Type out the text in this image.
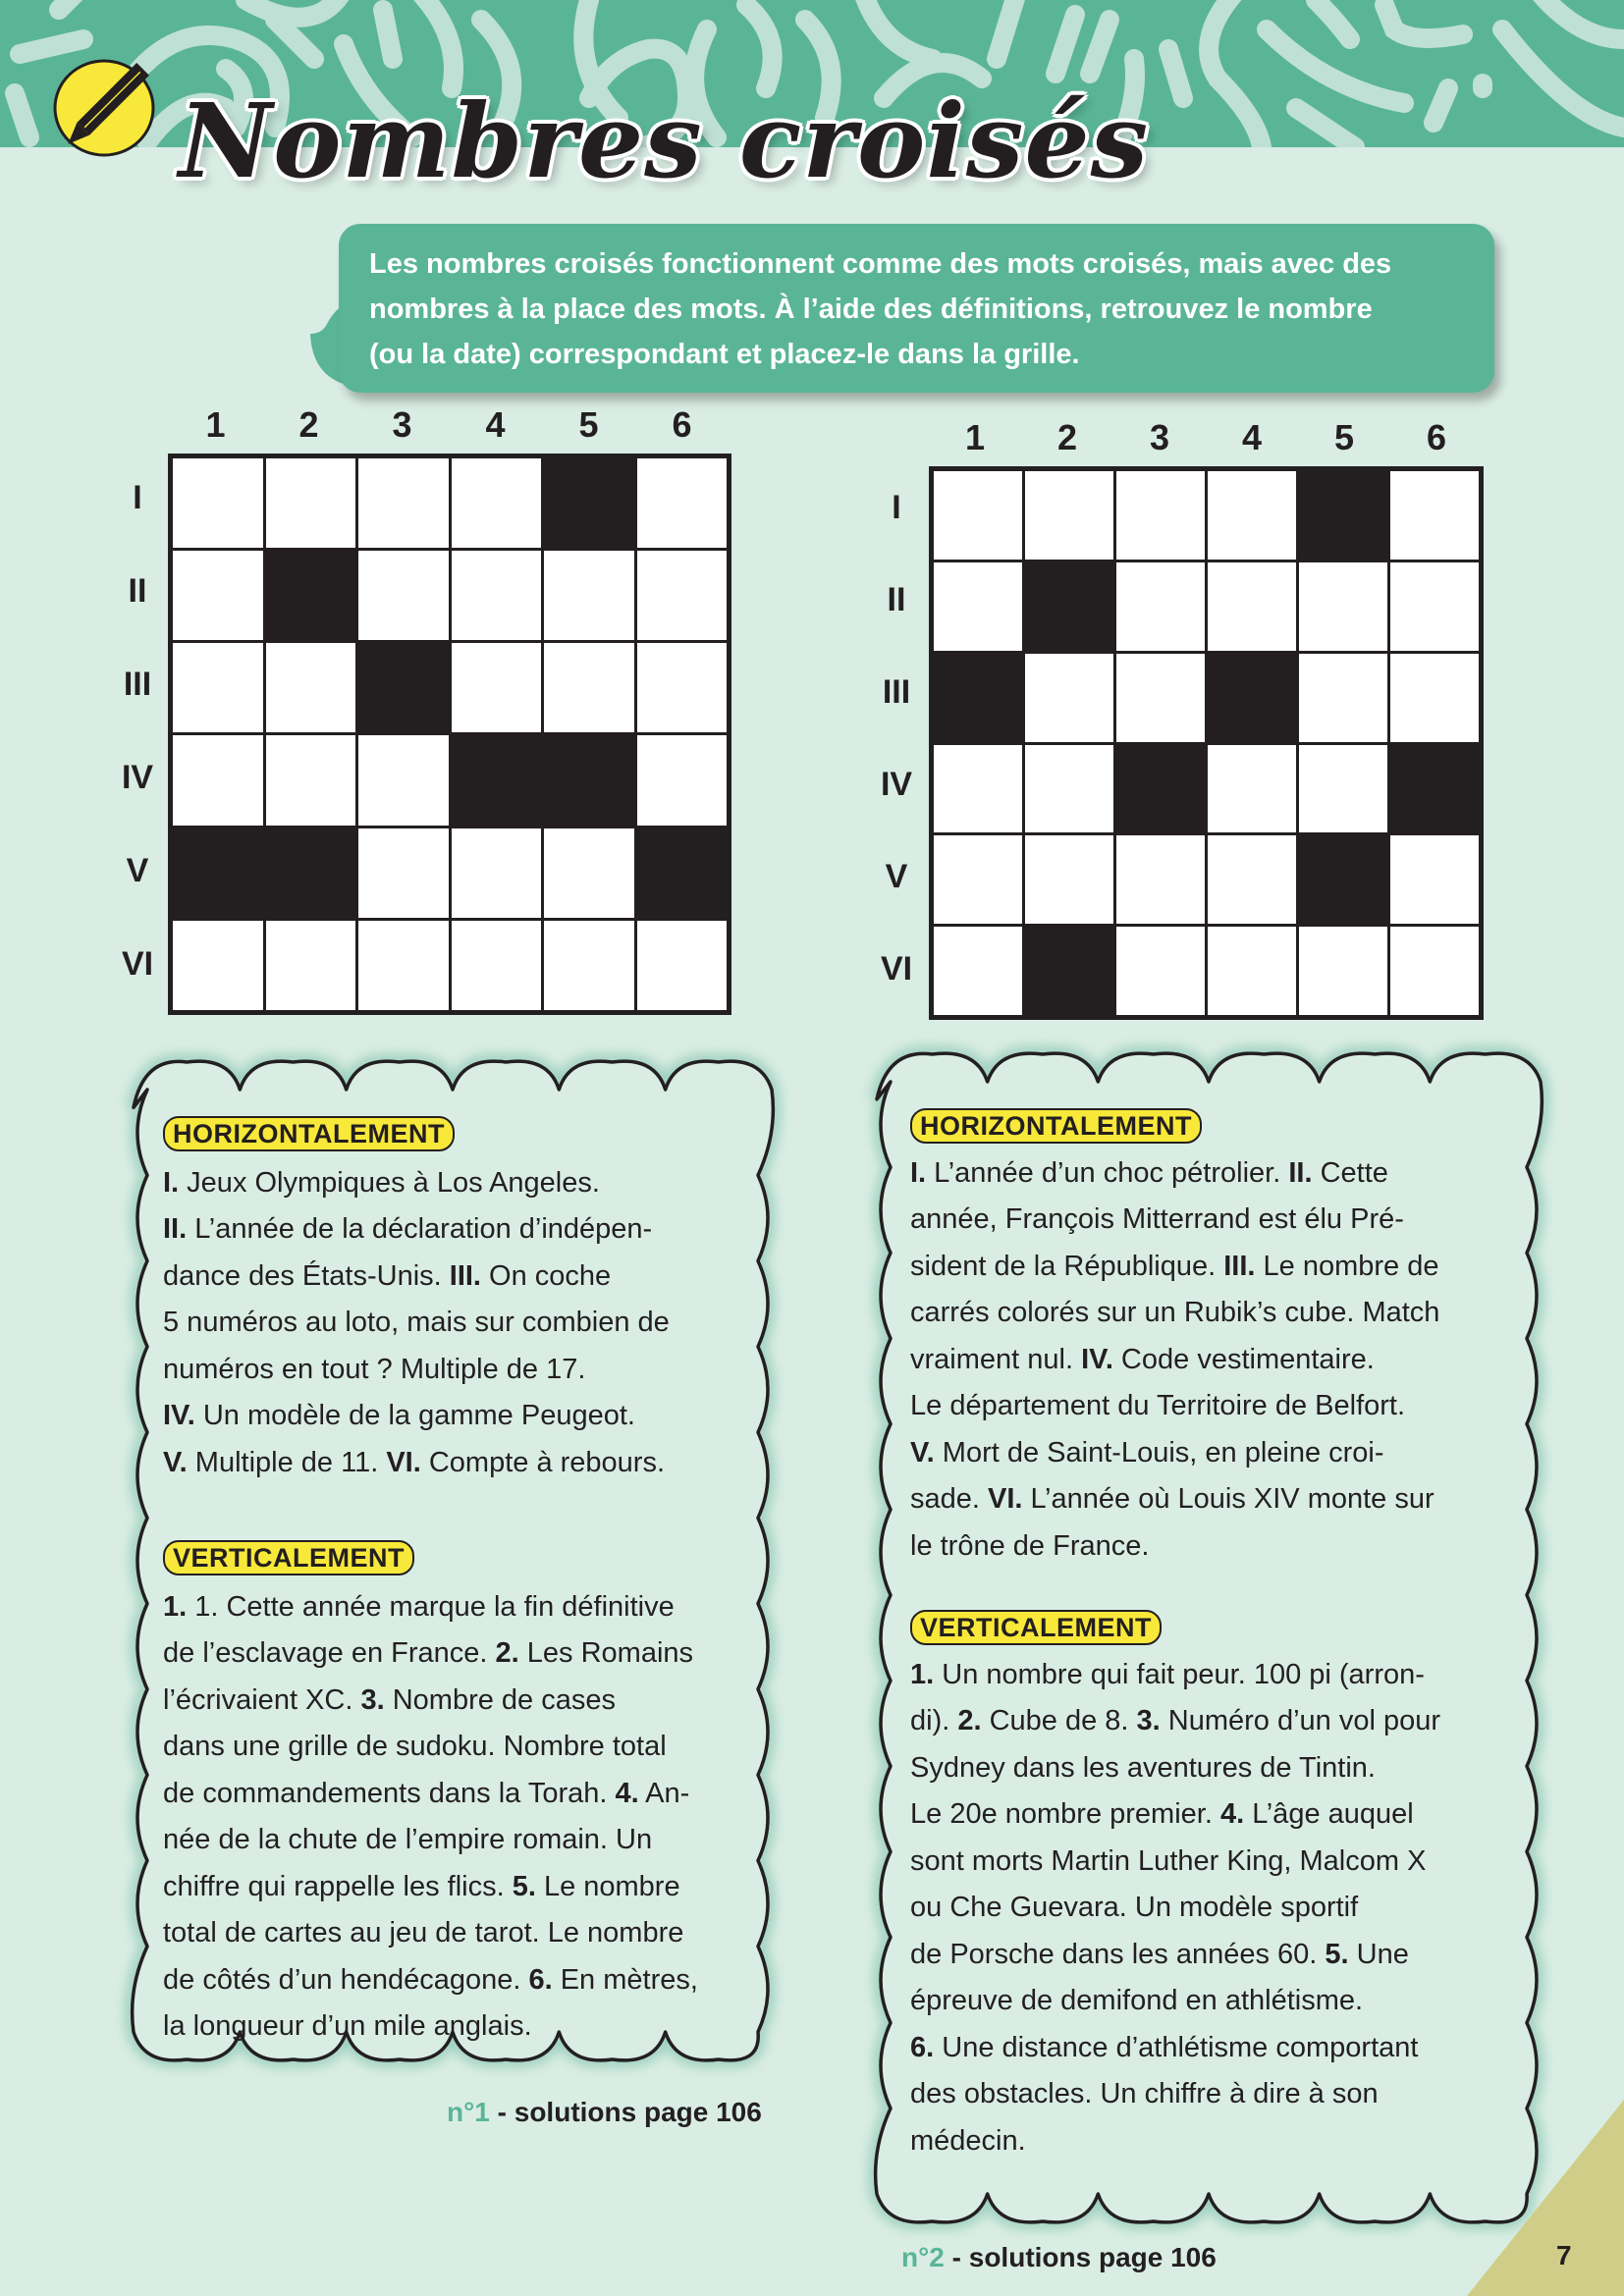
Nombres croisés
Les nombres croisés fonctionnent comme des mots croisés, mais avec des
nombres à la place des mots. À l’aide des définitions, retrouvez le nombre
(ou la date) correspondant et placez-le dans la grille.
1	2	3	4	5	6
I
II
III
IV
V
VI
1	2	3	4	5	6
I
II
III
IV
V
VI
HORIZONTALEMENT
I. Jeux Olympiques à Los Angeles.
II. L’année de la déclaration d’indépen-
dance des États-Unis. III. On coche
5 numéros au loto, mais sur combien de
numéros en tout ? Multiple de 17.
IV. Un modèle de la gamme Peugeot.
V. Multiple de 11. VI. Compte à rebours.
VERTICALEMENT
1. 1. Cette année marque la fin définitive
de l’esclavage en France. 2. Les Romains
l’écrivaient XC. 3. Nombre de cases
dans une grille de sudoku. Nombre total
de commandements dans la Torah. 4. An-
née de la chute de l’empire romain. Un
chiffre qui rappelle les flics. 5. Le nombre
total de cartes au jeu de tarot. Le nombre
de côtés d’un hendécagone. 6. En mètres,
la longueur d’un mile anglais.
n°1 - solutions page 106
HORIZONTALEMENT
I. L’année d’un choc pétrolier. II. Cette
année, François Mitterrand est élu Pré-
sident de la République. III. Le nombre de
carrés colorés sur un Rubik’s cube. Match
vraiment nul. IV. Code vestimentaire.
Le département du Territoire de Belfort.
V. Mort de Saint-Louis, en pleine croi-
sade. VI. L’année où Louis XIV monte sur
le trône de France.
VERTICALEMENT
1. Un nombre qui fait peur. 100 pi (arron-
di). 2. Cube de 8. 3. Numéro d’un vol pour
Sydney dans les aventures de Tintin.
Le 20e nombre premier. 4. L’âge auquel
sont morts Martin Luther King, Malcom X
ou Che Guevara. Un modèle sportif
de Porsche dans les années 60. 5. Une
épreuve de demifond en athlétisme.
6. Une distance d’athlétisme comportant
des obstacles. Un chiffre à dire à son
médecin.
n°2 - solutions page 106	7
